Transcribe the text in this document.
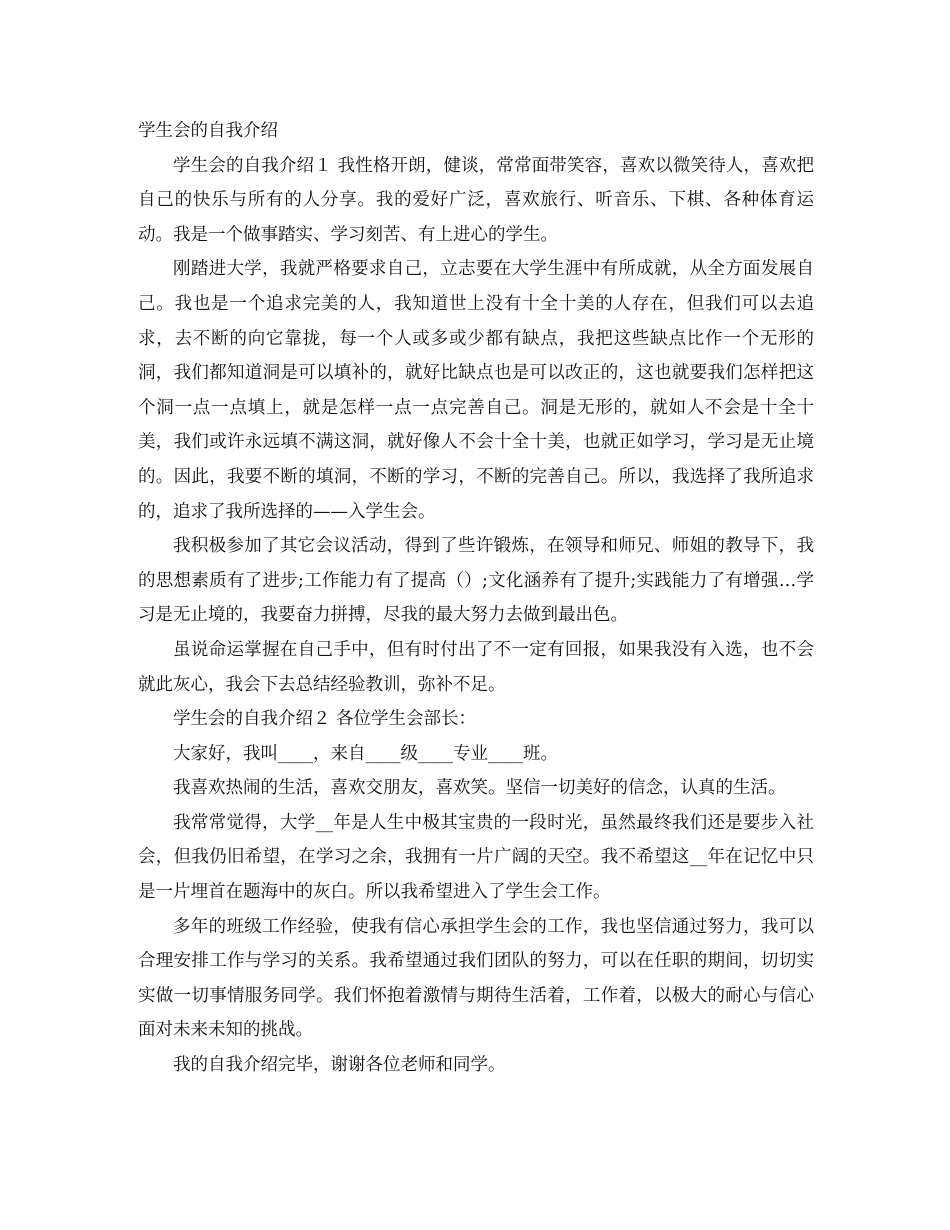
学生会的自我介绍

学生会的自我介绍１ 我性格开朗，健谈，常常面带笑容，喜欢以微笑待人，喜欢把自己的快乐与所有的人分享。我的爱好广泛，喜欢旅行、听音乐、下棋、各种体育运动。我是一个做事踏实、学习刻苦、有上进心的学生。

刚踏进大学，我就严格要求自己，立志要在大学生涯中有所成就，从全方面发展自己。我也是一个追求完美的人，我知道世上没有十全十美的人存在，但我们可以去追求，去不断的向它靠拢，每一个人或多或少都有缺点，我把这些缺点比作一个无形的洞，我们都知道洞是可以填补的，就好比缺点也是可以改正的，这也就要我们怎样把这个洞一点一点填上，就是怎样一点一点完善自己。洞是无形的，就如人不会是十全十美，我们或许永远填不满这洞，就好像人不会十全十美，也就正如学习，学习是无止境的。因此，我要不断的填洞，不断的学习，不断的完善自己。所以，我选择了我所追求的，追求了我所选择的——入学生会。

我积极参加了其它会议活动，得到了些许锻炼，在领导和师兄、师姐的教导下，我的思想素质有了进步;工作能力有了提高（）;文化涵养有了提升;实践能力了有增强…学习是无止境的，我要奋力拼搏，尽我的最大努力去做到最出色。

虽说命运掌握在自己手中，但有时付出了不一定有回报，如果我没有入选，也不会就此灰心，我会下去总结经验教训，弥补不足。

学生会的自我介绍２ 各位学生会部长：

大家好，我叫____，来自____级____专业____班。

我喜欢热闹的生活，喜欢交朋友，喜欢笑。坚信一切美好的信念，认真的生活。

我常常觉得，大学__年是人生中极其宝贵的一段时光，虽然最终我们还是要步入社会，但我仍旧希望，在学习之余，我拥有一片广阔的天空。我不希望这__年在记忆中只是一片埋首在题海中的灰白。所以我希望进入了学生会工作。

多年的班级工作经验，使我有信心承担学生会的工作，我也坚信通过努力，我可以合理安排工作与学习的关系。我希望通过我们团队的努力，可以在任职的期间，切切实实做一切事情服务同学。我们怀抱着激情与期待生活着，工作着，以极大的耐心与信心面对未来未知的挑战。

我的自我介绍完毕，谢谢各位老师和同学。
